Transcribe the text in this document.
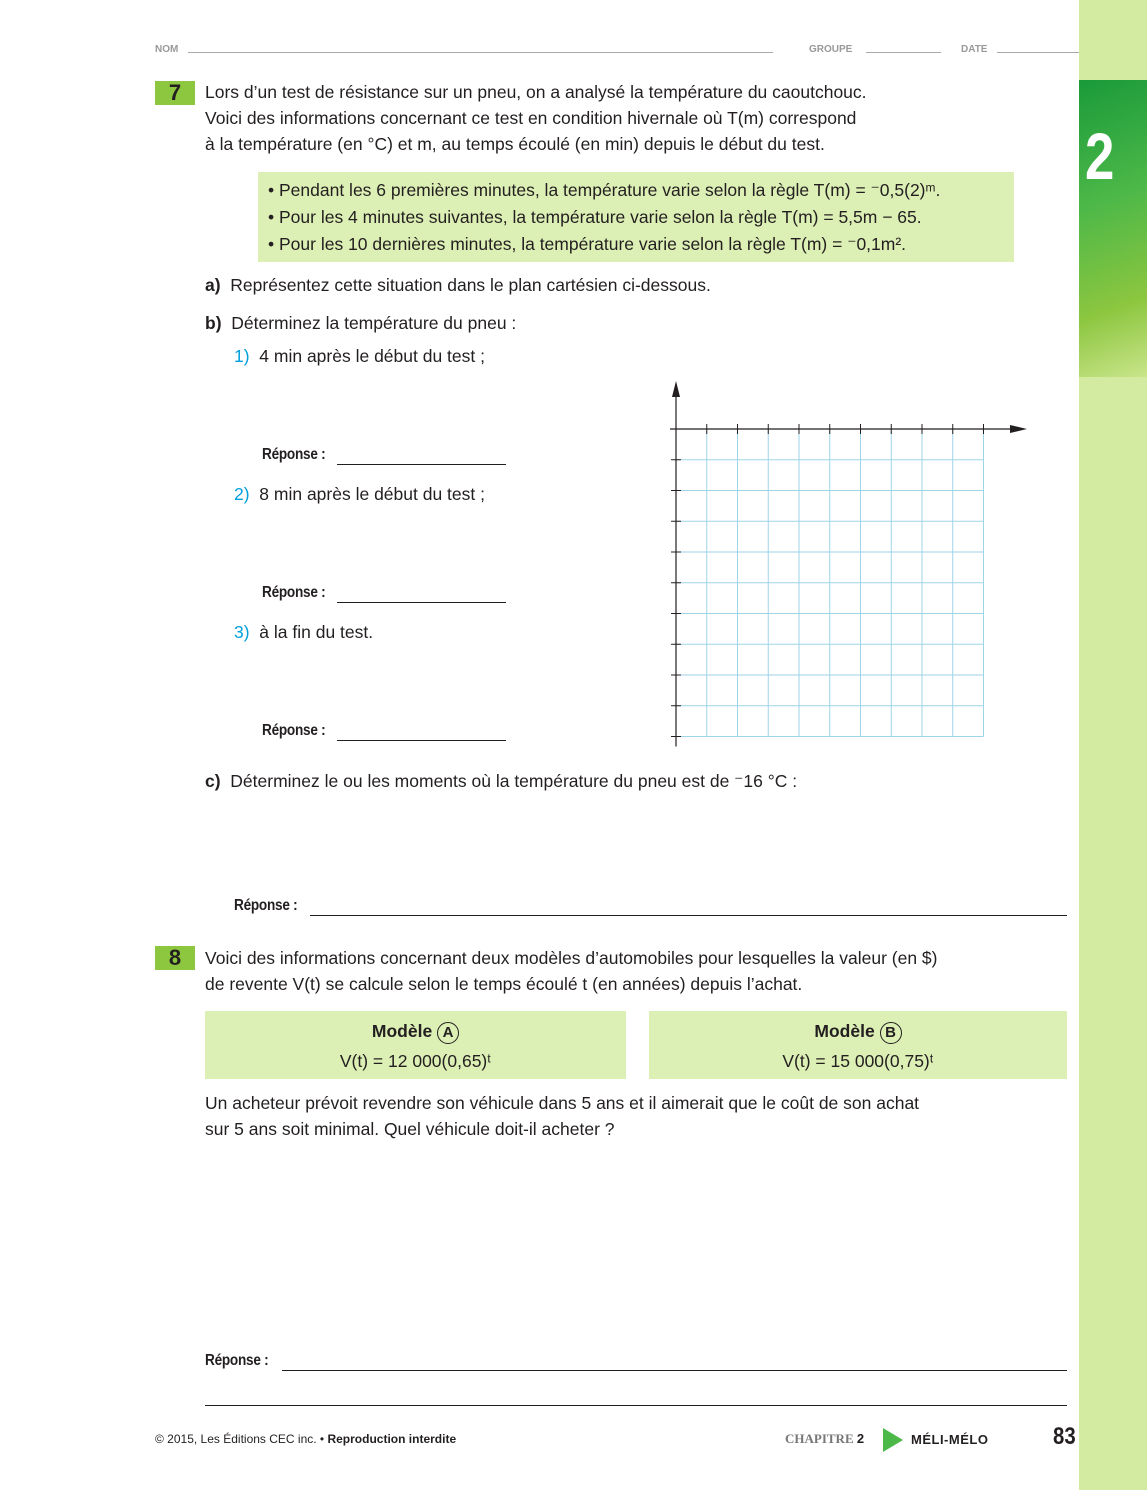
2
NOM	GROUPE	DATE
7	Lors d’un test de résistance sur un pneu, on a analysé la température du caoutchouc.
Voici des informations concernant ce test en condition hivernale où T(m) correspond
à la température (en °C) et m, au temps écoulé (en min) depuis le début du test.
• Pendant les 6 premières minutes, la température varie selon la règle T(m) = ⁻0,5(2)ᵐ.
• Pour les 4 minutes suivantes, la température varie selon la règle T(m) = 5,5m − 65.
• Pour les 10 dernières minutes, la température varie selon la règle T(m) = ⁻0,1m².
a) Représentez cette situation dans le plan cartésien ci-dessous.
b) Déterminez la température du pneu :
1) 4 min après le début du test ;
Réponse :
2) 8 min après le début du test ;
Réponse :
3) à la fin du test.
Réponse :
c) Déterminez le ou les moments où la température du pneu est de ⁻16 °C :
Réponse :
8	Voici des informations concernant deux modèles d’automobiles pour lesquelles la valeur (en $)
de revente V(t) se calcule selon le temps écoulé t (en années) depuis l’achat.
Modèle A
V(t) = 12 000(0,65)ᵗ
Modèle B
V(t) = 15 000(0,75)ᵗ
Un acheteur prévoit revendre son véhicule dans 5 ans et il aimerait que le coût de son achat
sur 5 ans soit minimal. Quel véhicule doit-il acheter ?
Réponse :
© 2015, Les Éditions CEC inc. • Reproduction interdite	CHAPITRE 2	MÉLI-MÉLO	83
